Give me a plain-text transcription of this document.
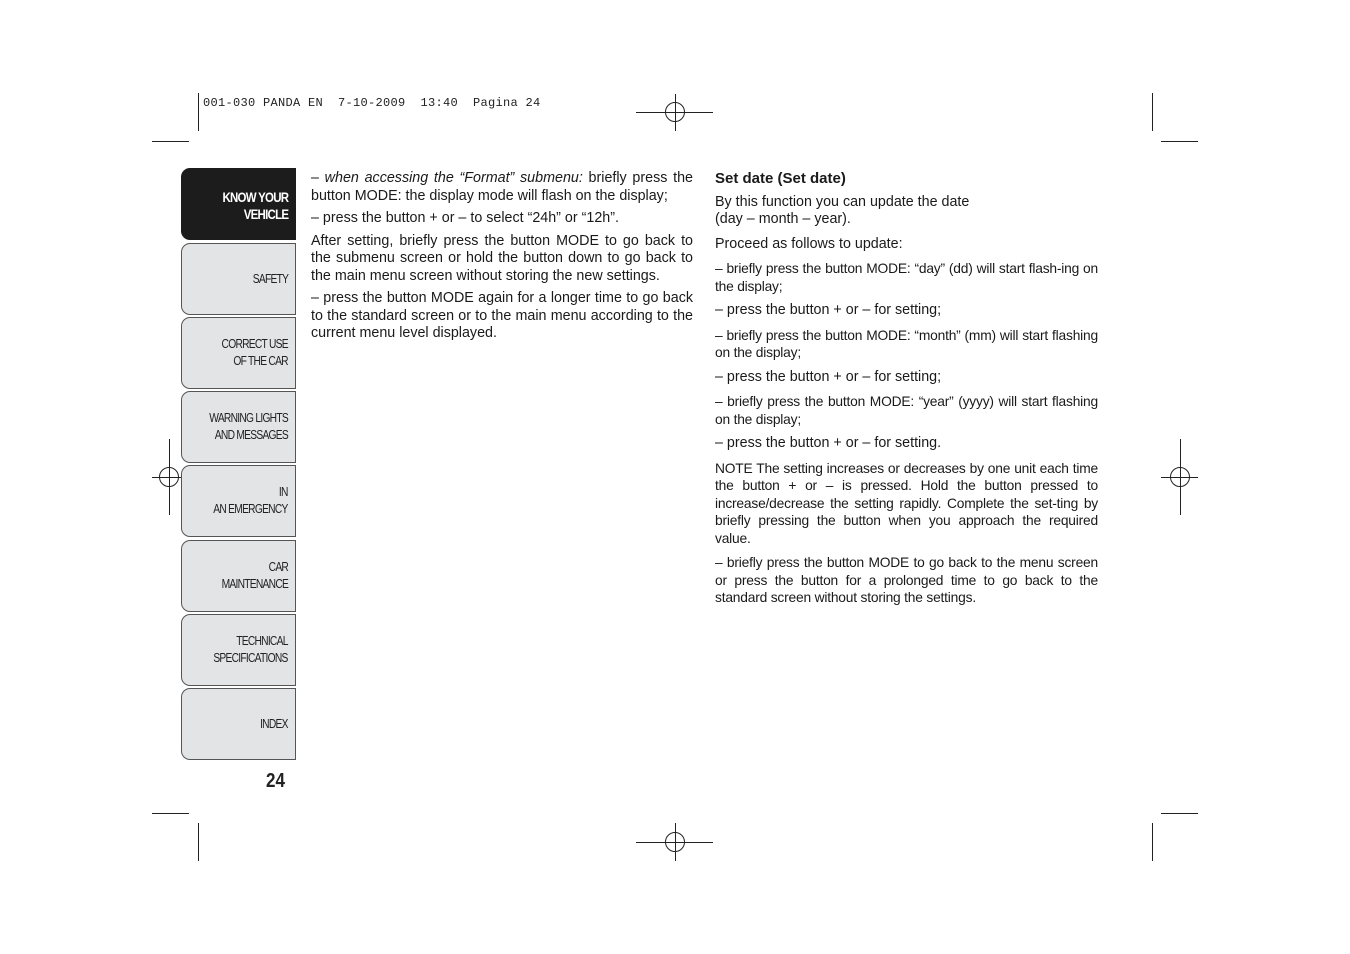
001-030 PANDA EN  7-10-2009  13:40  Pagina 24
KNOW YOUR
VEHICLE
SAFETY
CORRECT USE
OF THE CAR
WARNING LIGHTS
AND MESSAGES
IN
AN EMERGENCY
CAR
MAINTENANCE
TECHNICAL
SPECIFICATIONS
INDEX
24

– when accessing the “Format” submenu: briefly press the button MODE: the display mode will flash on the display;

– press the button + or – to select “24h” or “12h”.

After setting, briefly press the button MODE to go back to the submenu screen or hold the button down to go back to the main menu screen without storing the new settings.

– press the button MODE again for a longer time to go back to the standard screen or to the main menu according to the current menu level displayed.

Set date (Set date)

By this function you can update the date
(day – month – year).

Proceed as follows to update:

– briefly press the button MODE: “day” (dd) will start flash-ing on the display;

– press the button + or – for setting;

– briefly press the button MODE: “month” (mm) will start flashing on the display;

– press the button + or – for setting;

– briefly press the button MODE: “year” (yyyy) will start flashing on the display;

– press the button + or – for setting.

NOTE The setting increases or decreases by one unit each time the button + or – is pressed. Hold the button pressed to increase/decrease the setting rapidly. Complete the set-ting by briefly pressing the button when you approach the required value.

– briefly press the button MODE to go back to the menu screen or press the button for a prolonged time to go back to the standard screen without storing the settings.
